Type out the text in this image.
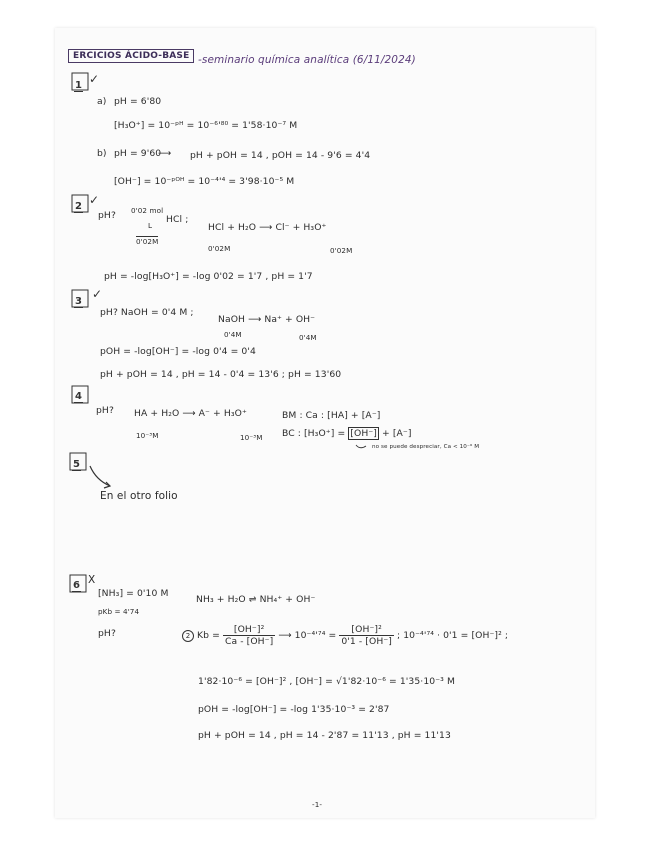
ERCICIOS ÁCIDO-BASE -seminario química analítica (6/11/2024)
1 ✓
a) pH = 6'80
[H₃O⁺] = 10⁻ᵖᴴ = 10⁻⁶'⁸⁰ = 1'58·10⁻⁷ M
b) pH = 9'60
⟶ pH + pOH = 14 , pOH = 14 - 9'6 = 4'4
[OH⁻] = 10⁻ᵖᴼᴴ = 10⁻⁴'⁴ = 3'98·10⁻⁵ M
2 ✓
pH? 0'02 mol
L
0'02M
HCl ;
HCl + H₂O ⟶ Cl⁻ + H₃O⁺
0'02M	0'02M
pH = -log[H₃O⁺] = -log 0'02 = 1'7 , pH = 1'7
3
✓
pH? NaOH = 0'4 M ;
NaOH ⟶ Na⁺ + OH⁻
0'4M	0'4M
pOH = -log[OH⁻] = -log 0'4 = 0'4
pH + pOH = 14 , pH = 14 - 0'4 = 13'6 ; pH = 13'60
4
pH? HA + H₂O ⟶ A⁻ + H₃O⁺
10⁻³M	10⁻³M
BM : Ca : [HA] + [A⁻]
BC : [H₃O⁺] = [OH⁻] + [A⁻]
no se puede despreciar, Ca < 10⁻⁶ M
5
En el otro folio
6 X
[NH₃] = 0'10 M
pKb = 4'74
pH?
NH₃ + H₂O ⇌ NH₄⁺ + OH⁻
2 $Kb = \frac{\text{[OH⁻]²}}{Ca - [OH^-]}$ ⟶ $10^{-4}'^{74} = \frac{\text{[OH⁻]²}}{0'1 - [OH^-]}$ ; 10⁻⁴'⁷⁴ · 0'1 = [OH⁻]² ;
1'82·10⁻⁶ = [OH⁻]² , [OH⁻] = √1'82·10⁻⁶ = 1'35·10⁻³ M
pOH = -log[OH⁻] = -log 1'35·10⁻³ = 2'87
pH + pOH = 14 , pH = 14 - 2'87 = 11'13 , pH = 11'13
-1-
